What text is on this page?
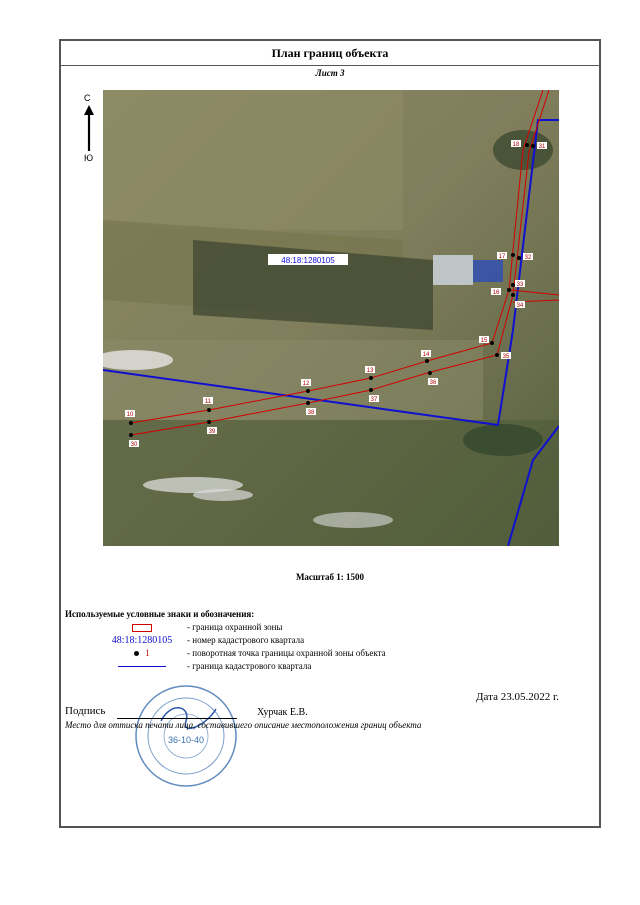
План границ объекта
Лист 3
С
Ю
48:18:1280105
10
30
11
39
12
38
13
37
14
36
15
35
16
34
33
17	32
18	31
Масштаб 1: 1500
Используемые условные знаки и обозначения:
- граница охранной зоны
48:18:1280105	- номер кадастрового квартала
1	- поворотная точка границы охранной зоны объекта
- граница кадастрового квартала
Дата 23.05.2022 г.
36-10-40
Подпись	Хурчак Е.В.
Место для оттиска печати лица, составившего описание местоположения границ объекта
